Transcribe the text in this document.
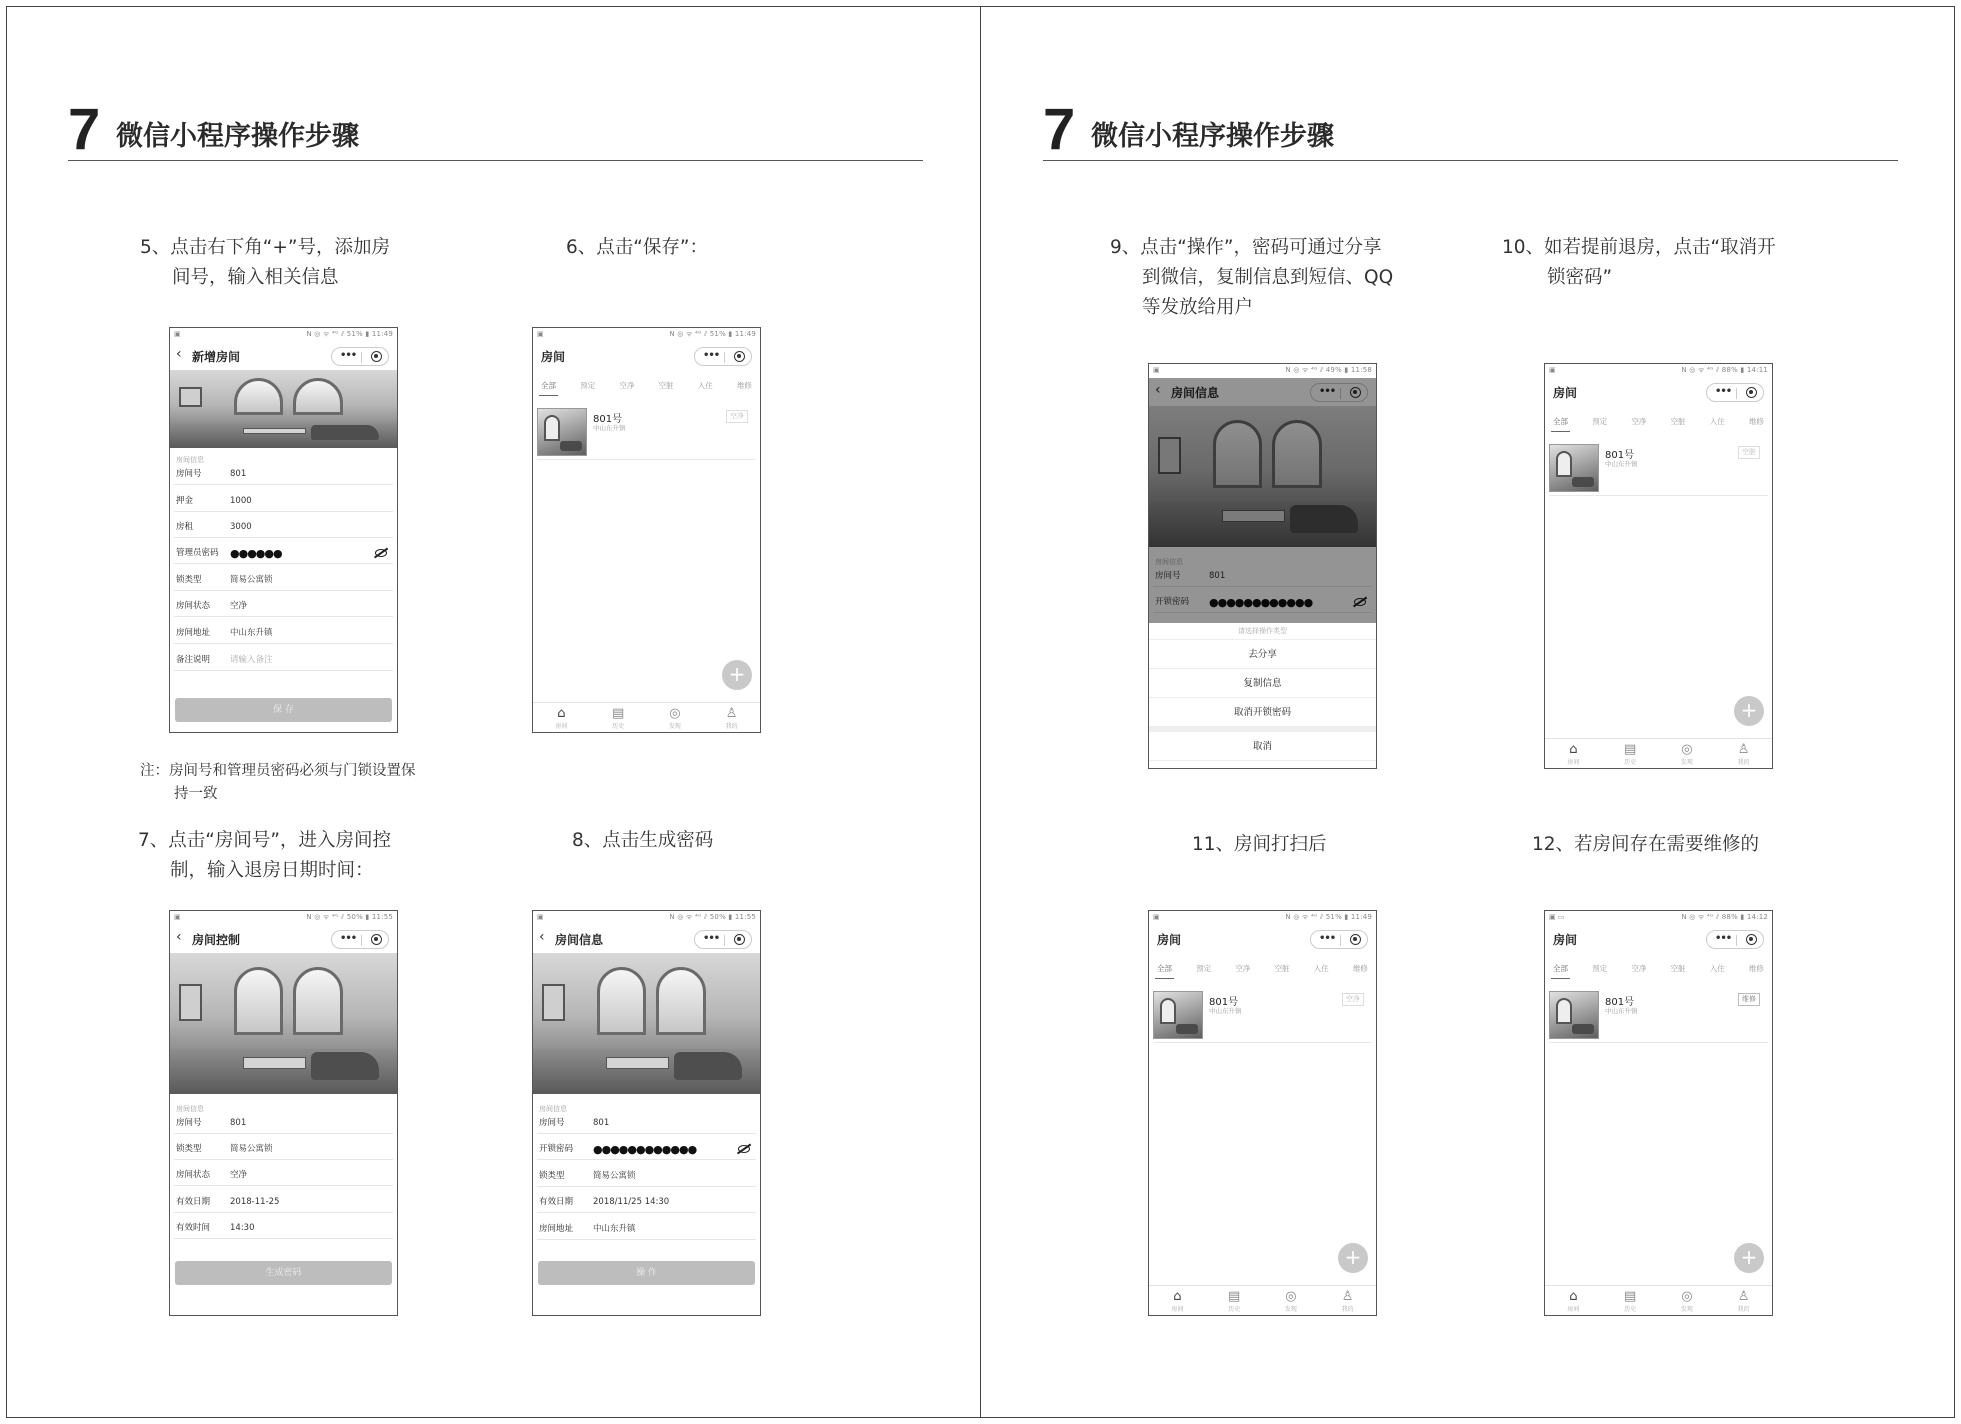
7 微信小程序操作步骤	7 微信小程序操作步骤
5、点击右下角“+”号，添加房
间号，输入相关信息
6、点击“保存”：
注：房间号和管理员密码必须与门锁设置保
持一致
7、点击“房间号”，进入房间控
制，输入退房日期时间：
8、点击生成密码
9、点击“操作”，密码可通过分享
到微信，复制信息到短信、QQ
等发放给用户
10、如若提前退房，点击“取消开
锁密码”
11、房间打扫后	12、若房间存在需要维修的
▣	N ◎ ᯤ ⁴ᴳ ⫽ 51% ▮ 11:49
‹ 新增房间	•••
房间信息
房间号	801
押金	1000
房租	3000
管理员密码 ●●●●●●
锁类型	简易公寓锁
房间状态 空净
房间地址 中山东升镇
备注说明 请输入备注
保 存
▣	N ◎ ᯤ ⁴ᴳ ⫽ 51% ▮ 11:49
房间	•••
全部	预定	空净	空脏	入住	维修
801号
中山东升镇
空净
+
⌂
房间
▤
历史
◎
发现
♙
我的
▣	N ◎ ᯤ ⁴ᴳ ⫽ 50% ▮ 11:55
‹ 房间控制	•••
房间信息
房间号	801
锁类型	简易公寓锁
房间状态 空净
有效日期 2018-11-25
有效时间 14:30
生成密码
▣	N ◎ ᯤ ⁴ᴳ ⫽ 50% ▮ 11:55
‹ 房间信息	•••
房间信息
房间号	801
开锁密码 ●●●●●●●●●●●●
锁类型	简易公寓锁
有效日期 2018/11/25 14:30
房间地址 中山东升镇
操 作
▣	N ◎ ᯤ ⁴ᴳ ⫽ 49% ▮ 11:58
‹ 房间信息	•••
房间信息
房间号	801
开锁密码 ●●●●●●●●●●●●
请选择操作类型
去分享
复制信息
取消开锁密码
取消
▣	N ◎ ᯤ ⁴ᴳ ⫽ 88% ▮ 14:11
房间	•••
全部	预定	空净	空脏	入住	维修
801号
中山东升镇
空脏
+
⌂
房间
▤
历史
◎
发现
♙
我的
▣	N ◎ ᯤ ⁴ᴳ ⫽ 51% ▮ 11:49
房间	•••
全部	预定	空净	空脏	入住	维修
801号
中山东升镇
空净
+
⌂
房间
▤
历史
◎
发现
♙
我的
▣ ▭	N ◎ ᯤ ⁴ᴳ ⫽ 88% ▮ 14:12
房间	•••
全部	预定	空净	空脏	入住	维修
801号
中山东升镇
维修
+
⌂
房间
▤
历史
◎
发现
♙
我的
